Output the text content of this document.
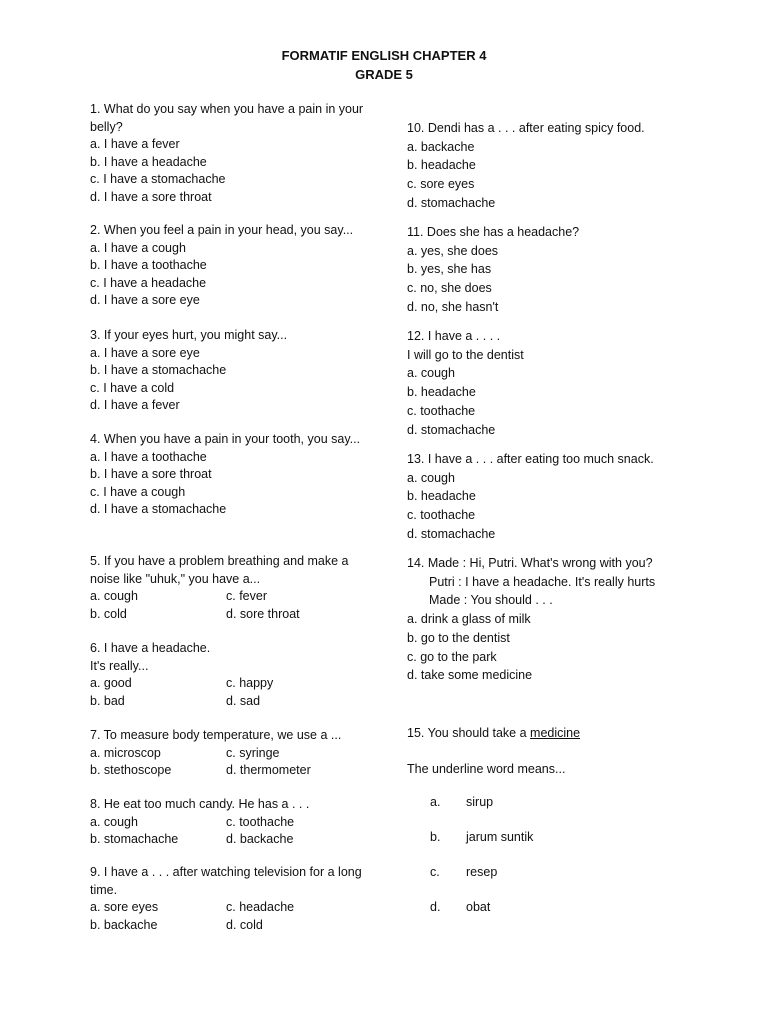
FORMATIF ENGLISH CHAPTER 4
GRADE 5
1. What do you say when you have a pain in your belly?
a. I have a fever
b. I have a headache
c. I have a stomachache
d. I have a sore throat
2. When you feel a pain in your head, you say...
a. I have a cough
b. I have a toothache
c. I have a headache
d. I have a sore eye
3. If your eyes hurt, you might say...
a. I have a sore eye
b. I have a stomachache
c. I have a cold
d. I have a fever
4. When you have a pain in your tooth, you say...
a. I have a toothache
b. I have a sore throat
c. I have a cough
d. I have a stomachache
5. If you have a problem breathing and make a noise like "uhuk," you have a...
a. cough	c. fever
b. cold	d. sore throat
6. I have a headache.
It's really...
a. good	c. happy
b. bad	d. sad
7. To measure body temperature, we use a ...
a. microscop	c. syringe
b. stethoscope	d. thermometer
8. He eat too much candy. He has a . . .
a. cough	c. toothache
b. stomachache	d. backache
9. I have a . . . after watching television for a long time.
a. sore eyes	c. headache
b. backache	d. cold
10. Dendi has a . . . after eating spicy food.
a. backache
b. headache
c. sore eyes
d. stomachache
11. Does she has a headache?
a. yes, she does
b. yes, she has
c. no, she does
d. no, she hasn't
12. I have a . . . .
I will go to the dentist
a. cough
b. headache
c. toothache
d. stomachache
13. I have a . . . after eating too much snack.
a. cough
b. headache
c. toothache
d. stomachache
14. Made : Hi, Putri. What's wrong with you?
Putri : I have a headache. It's really hurts
Made : You should . . .
a. drink a glass of milk
b. go to the dentist
c. go to the park
d. take some medicine
15. You should take a medicine
The underline word means...
a.	sirup
b.	jarum suntik
c.	resep
d.	obat
